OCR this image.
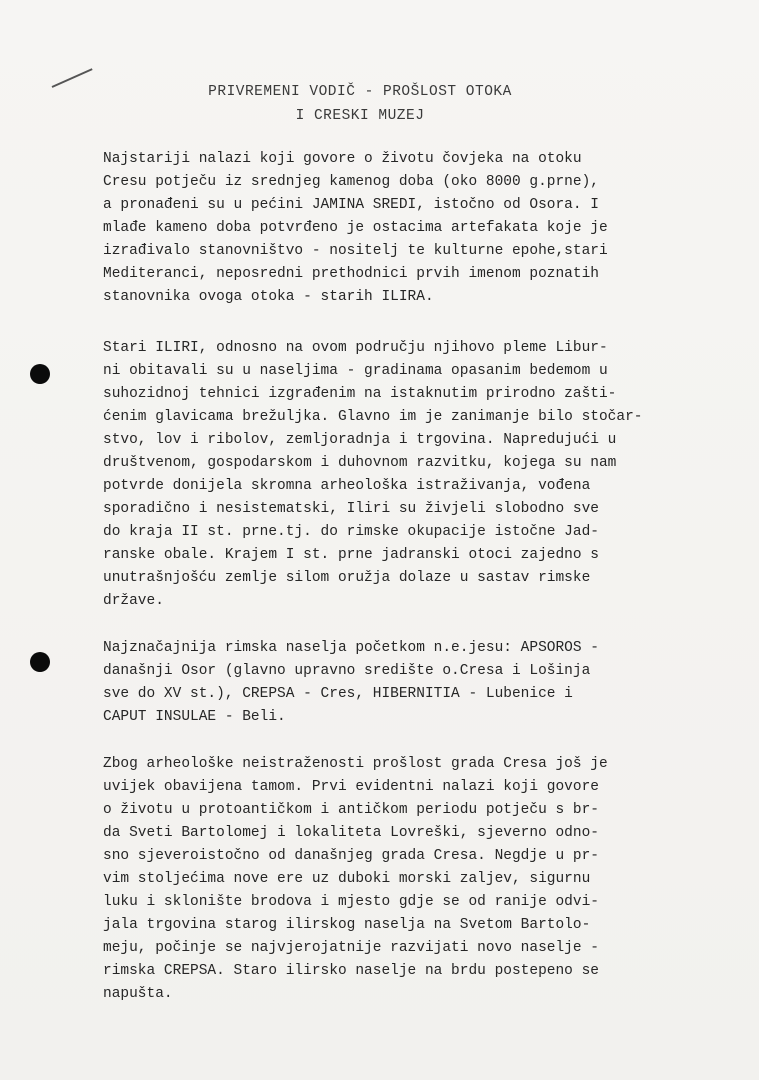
PRIVREMENI VODIČ - PROŠLOST OTOKA
I CRESKI MUZEJ
Najstariji nalazi koji govore o životu čovjeka na otoku
Cresu potječu iz srednjeg kamenog doba (oko 8000 g.prne),
a pronađeni su u pećini JAMINA SREDI, istočno od Osora. I
mlađe kameno doba potvrđeno je ostacima artefakata koje je
izrađivalo stanovništvo - nositelj te kulturne epohe,stari
Mediteranci, neposredni prethodnici prvih imenom poznatih
stanovnika ovoga otoka - starih ILIRA.
Stari ILIRI, odnosno na ovom području njihovo pleme Libur-
ni obitavali su u naseljima - gradinama opasanim bedemom u
suhozidnoj tehnici izgrađenim na istaknutim prirodno zašti-
ćenim glavicama brežuljka. Glavno im je zanimanje bilo stočar-
stvo, lov i ribolov, zemljoradnja i trgovina. Napredujući u
društvenom, gospodarskom i duhovnom razvitku, kojega su nam
potvrde donijela skromna arheološka istraživanja, vođena
sporadično i nesistematski, Iliri su živjeli slobodno sve
do kraja II st. prne.tj. do rimske okupacije istočne Jad-
ranske obale. Krajem I st. prne jadranski otoci zajedno s
unutrašnjošću zemlje silom oružja dolaze u sastav rimske
države.
Najznačajnija rimska naselja početkom n.e.jesu: APSOROS -
današnji Osor (glavno upravno središte o.Cresa i Lošinja
sve do XV st.), CREPSA - Cres, HIBERNITIA - Lubenice i
CAPUT INSULAE - Beli.
Zbog arheološke neistraženosti prošlost grada Cresa još je
uvijek obavijena tamom. Prvi evidentni nalazi koji govore
o životu u protoantičkom i antičkom periodu potječu s br-
da Sveti Bartolomej i lokaliteta Lovreški, sjeverno odno-
sno sjeveroistočno od današnjeg grada Cresa. Negdje u pr-
vim stoljećima nove ere uz duboki morski zaljev, sigurnu
luku i sklonište brodova i mjesto gdje se od ranije odvi-
jala trgovina starog ilirskog naselja na Svetom Bartolo-
meju, počinje se najvjerojatnije razvijati novo naselje -
rimska CREPSA. Staro ilirsko naselje na brdu postepeno se
napušta.
